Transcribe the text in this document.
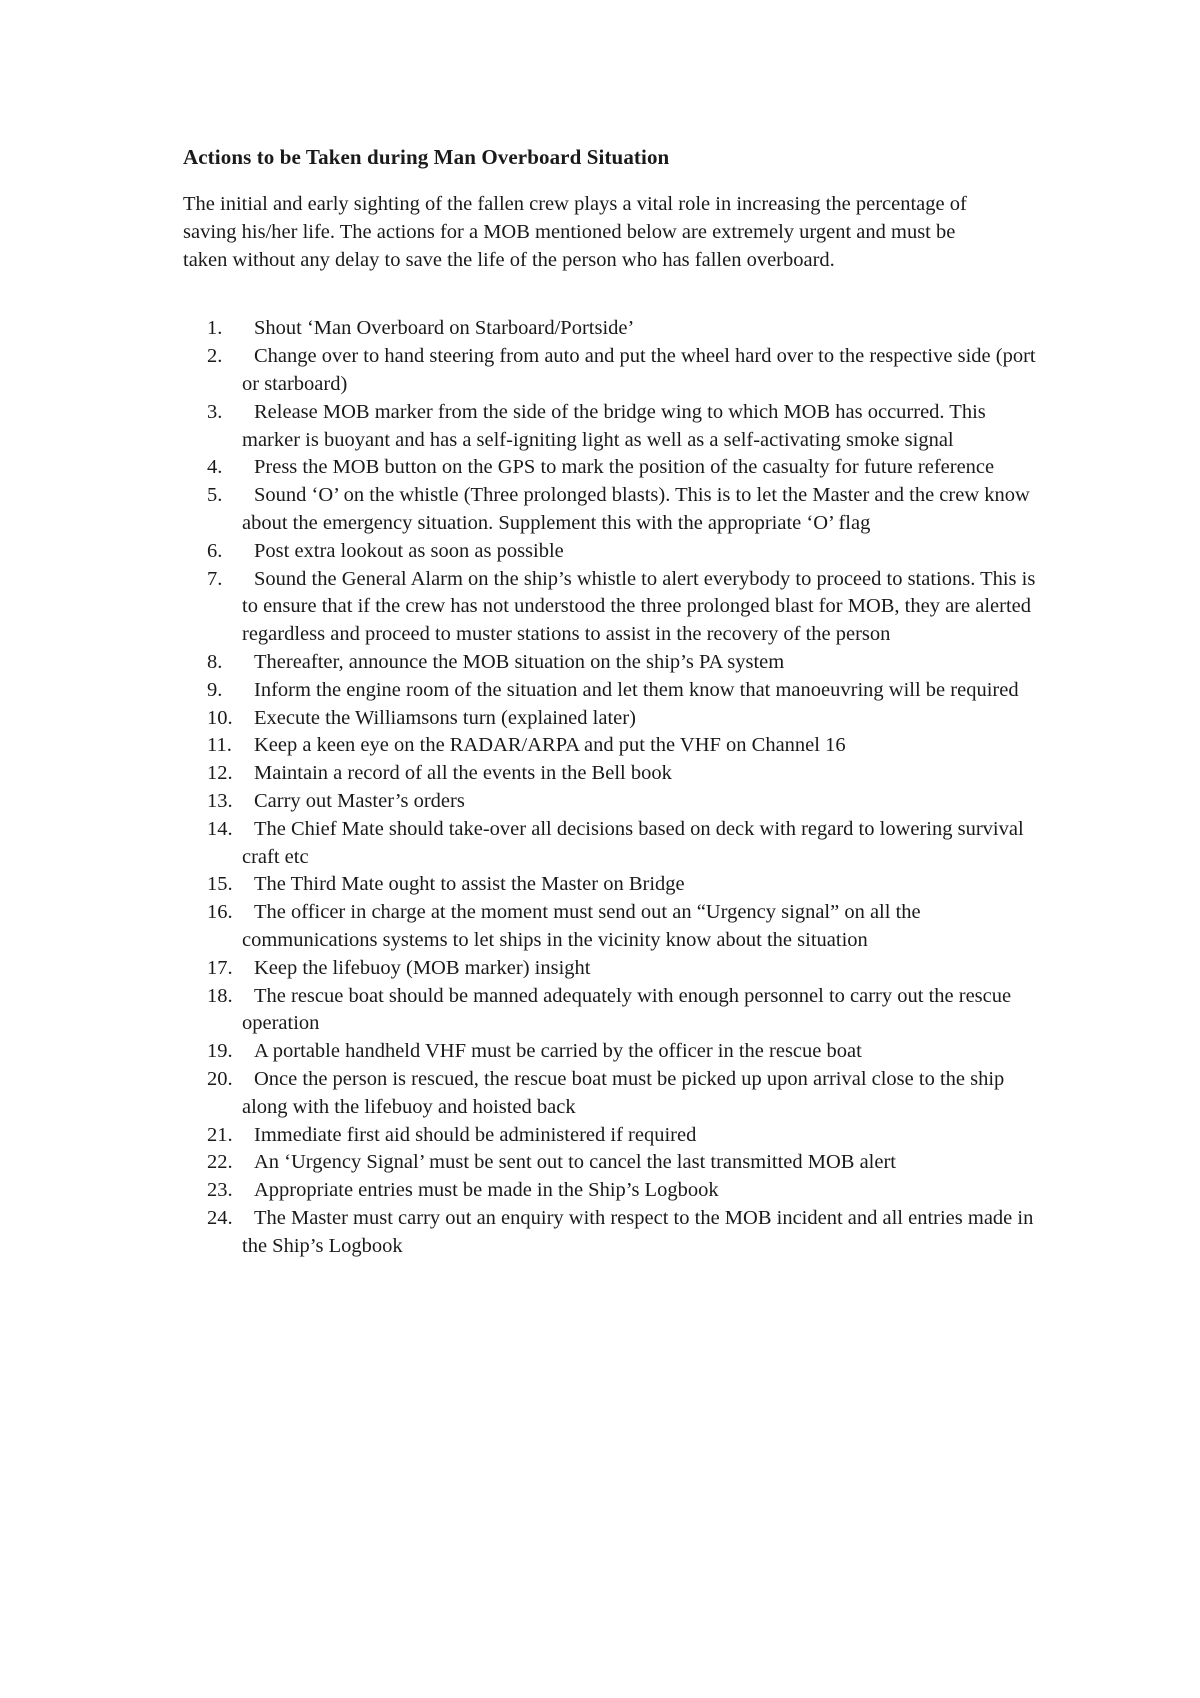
Actions to be Taken during Man Overboard Situation

The initial and early sighting of the fallen crew plays a vital role in increasing the percentage of saving his/her life. The actions for a MOB mentioned below are extremely urgent and must be taken without any delay to save the life of the person who has fallen overboard.

1.	Shout ‘Man Overboard on Starboard/Portside’
2.	Change over to hand steering from auto and put the wheel hard over to the respective side (port or starboard)
3.	Release MOB marker from the side of the bridge wing to which MOB has occurred. This marker is buoyant and has a self-igniting light as well as a self-activating smoke signal
4.	Press the MOB button on the GPS to mark the position of the casualty for future reference
5.	Sound ‘O’ on the whistle (Three prolonged blasts). This is to let the Master and the crew know about the emergency situation. Supplement this with the appropriate ‘O’ flag
6.	Post extra lookout as soon as possible
7.	Sound the General Alarm on the ship’s whistle to alert everybody to proceed to stations. This is to ensure that if the crew has not understood the three prolonged blast for MOB, they are alerted regardless and proceed to muster stations to assist in the recovery of the person
8.	Thereafter, announce the MOB situation on the ship’s PA system
9.	Inform the engine room of the situation and let them know that manoeuvring will be required
10.	Execute the Williamsons turn (explained later)
11.	Keep a keen eye on the RADAR/ARPA and put the VHF on Channel 16
12.	Maintain a record of all the events in the Bell book
13.	Carry out Master’s orders
14.	The Chief Mate should take-over all decisions based on deck with regard to lowering survival craft etc
15.	The Third Mate ought to assist the Master on Bridge
16.	The officer in charge at the moment must send out an “Urgency signal” on all the communications systems to let ships in the vicinity know about the situation
17.	Keep the lifebuoy (MOB marker) insight
18.	The rescue boat should be manned adequately with enough personnel to carry out the rescue operation
19.	A portable handheld VHF must be carried by the officer in the rescue boat
20.	Once the person is rescued, the rescue boat must be picked up upon arrival close to the ship along with the lifebuoy and hoisted back
21.	Immediate first aid should be administered if required
22.	An ‘Urgency Signal’ must be sent out to cancel the last transmitted MOB alert
23.	Appropriate entries must be made in the Ship’s Logbook
24.	The Master must carry out an enquiry with respect to the MOB incident and all entries made in the Ship’s Logbook
